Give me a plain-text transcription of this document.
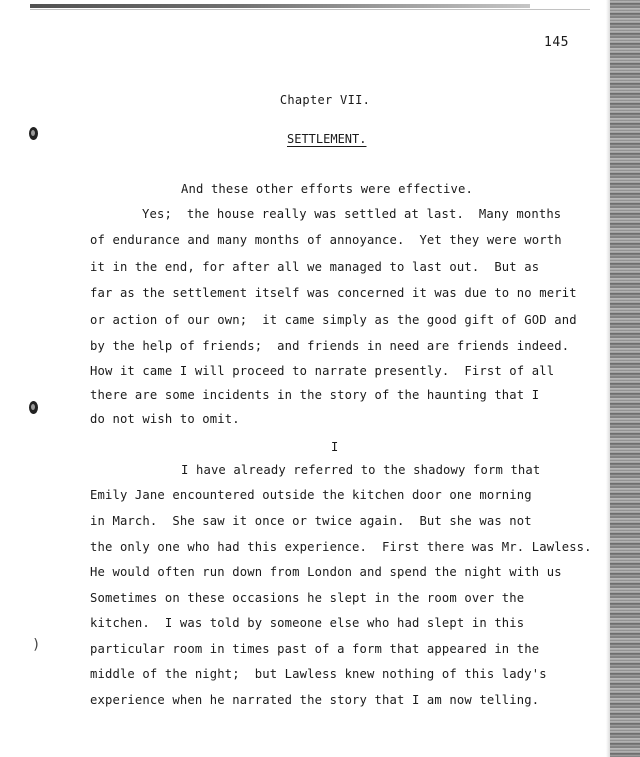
)
145
Chapter VII.
SETTLEMENT.
And these other efforts were effective.
Yes;  the house really was settled at last.  Many months
of endurance and many months of annoyance.  Yet they were worth
it in the end, for after all we managed to last out.  But as
far as the settlement itself was concerned it was due to no merit
or action of our own;  it came simply as the good gift of GOD and
by the help of friends;  and friends in need are friends indeed.
How it came I will proceed to narrate presently.  First of all
there are some incidents in the story of the haunting that I
do not wish to omit.
I
I have already referred to the shadowy form that
Emily Jane encountered outside the kitchen door one morning
in March.  She saw it once or twice again.  But she was not
the only one who had this experience.  First there was Mr. Lawless.
He would often run down from London and spend the night with us
Sometimes on these occasions he slept in the room over the
kitchen.  I was told by someone else who had slept in this
particular room in times past of a form that appeared in the
middle of the night;  but Lawless knew nothing of this lady's
experience when he narrated the story that I am now telling.
